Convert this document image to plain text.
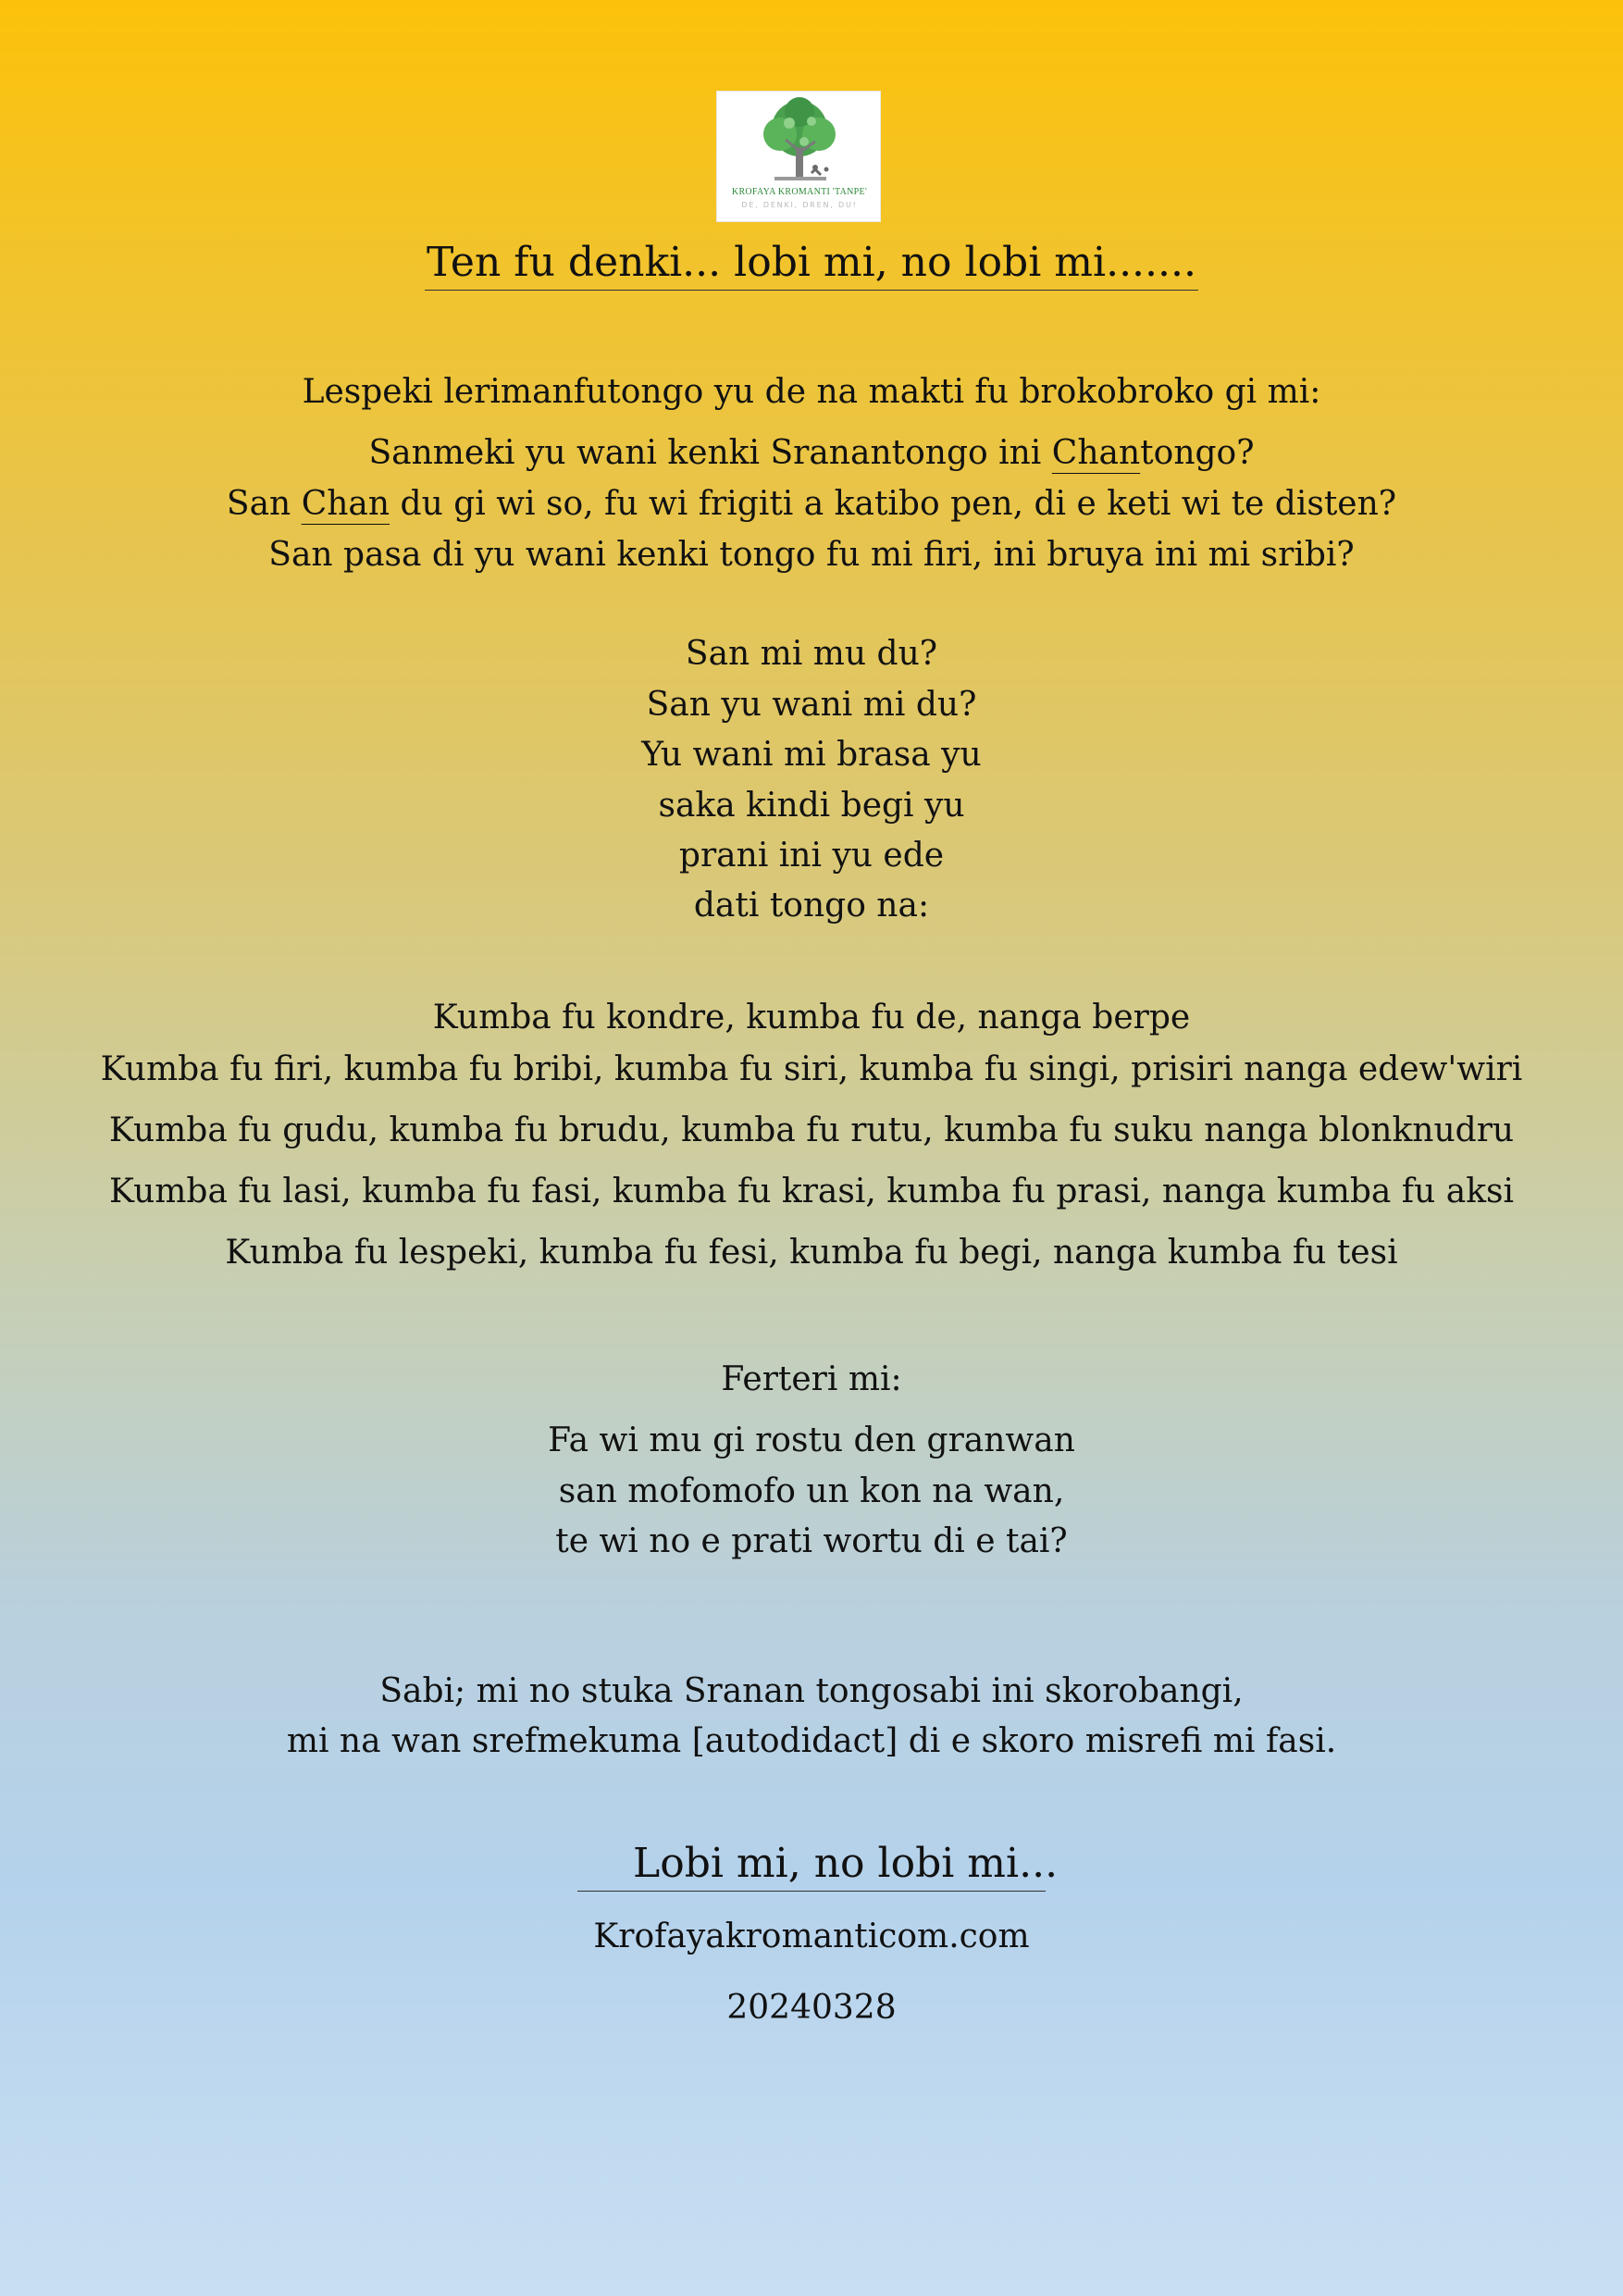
KROFAYA KROMANTI 'TANPE'
DE, DENKI, DREN, DU!
Ten fu denki... lobi mi, no lobi mi.......
Lespeki lerimanfutongo yu de na makti fu brokobroko gi mi:
Sanmeki yu wani kenki Sranantongo ini Chantongo?
San Chan du gi wi so, fu wi frigiti a katibo pen, di e keti wi te disten?
San pasa di yu wani kenki tongo fu mi firi, ini bruya ini mi sribi?
San mi mu du?
San yu wani mi du?
Yu wani mi brasa yu
saka kindi begi yu
prani ini yu ede
dati tongo na:
Kumba fu kondre, kumba fu de, nanga berpe
Kumba fu firi, kumba fu bribi, kumba fu siri, kumba fu singi, prisiri nanga edew'wiri
Kumba fu gudu, kumba fu brudu, kumba fu rutu, kumba fu suku nanga blonknudru
Kumba fu lasi, kumba fu fasi, kumba fu krasi, kumba fu prasi, nanga kumba fu aksi
Kumba fu lespeki, kumba fu fesi, kumba fu begi, nanga kumba fu tesi
Ferteri mi:
Fa wi mu gi rostu den granwan
san mofomofo un kon na wan,
te wi no e prati wortu di e tai?
Sabi; mi no stuka Sranan tongosabi ini skorobangi,
mi na wan srefmekuma [autodidact] di e skoro misrefi mi fasi.
Lobi mi, no lobi mi...
Krofayakromanticom.com
20240328
